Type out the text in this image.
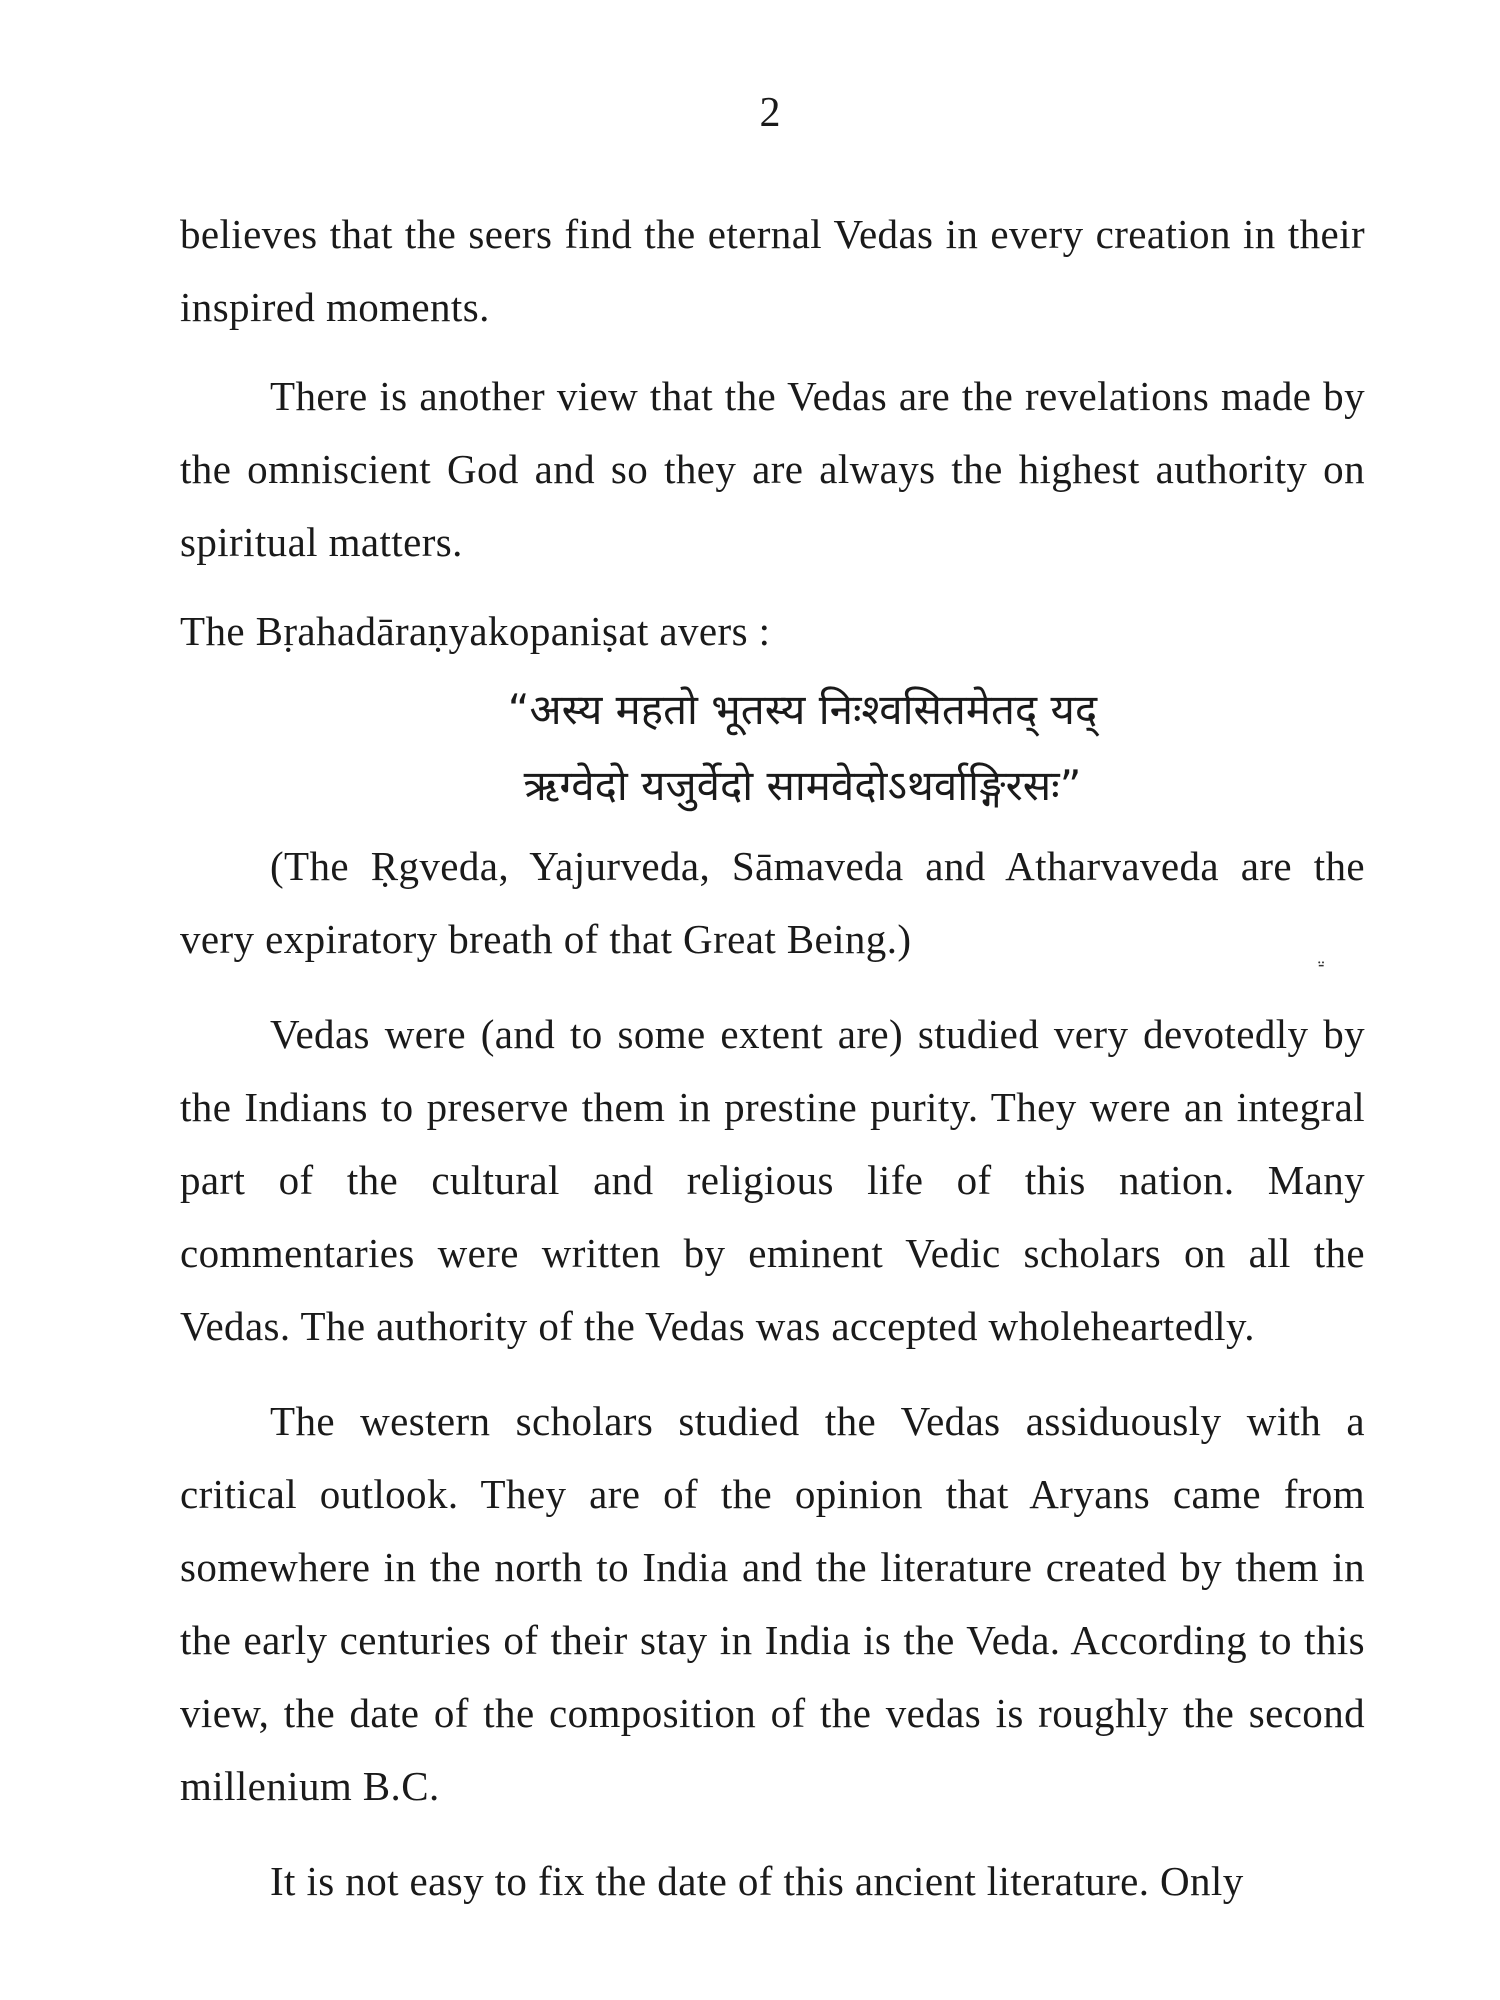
2

believes that the seers find the eternal Vedas in every creation in their inspired moments.

There is another view that the Vedas are the revelations made by the omniscient God and so they are always the highest authority on spiritual matters.

The Bṛahadāraṇyakopaniṣat avers :

“अस्य महतो भूतस्य निःश्वसितमेतद् यद्
ऋग्वेदो यजुर्वेदो सामवेदोऽथर्वाङ्गिरसः”

(The Ṛgveda, Yajurveda, Sāmaveda and Atharvaveda are the very expiratory breath of that Great Being.)

Vedas were (and to some extent are) studied very devotedly by the Indians to preserve them in prestine purity. They were an integral part of the cultural and religious life of this nation. Many commentaries were written by eminent Vedic scholars on all the Vedas. The authority of the Vedas was accepted wholeheartedly.

The western scholars studied the Vedas assiduously with a critical outlook. They are of the opinion that Aryans came from somewhere in the north to India and the literature created by them in the early centuries of their stay in India is the Veda. According to this view, the date of the composition of the vedas is roughly the second millenium B.C.

It is not easy to fix the date of this ancient literature. Only

⸚
